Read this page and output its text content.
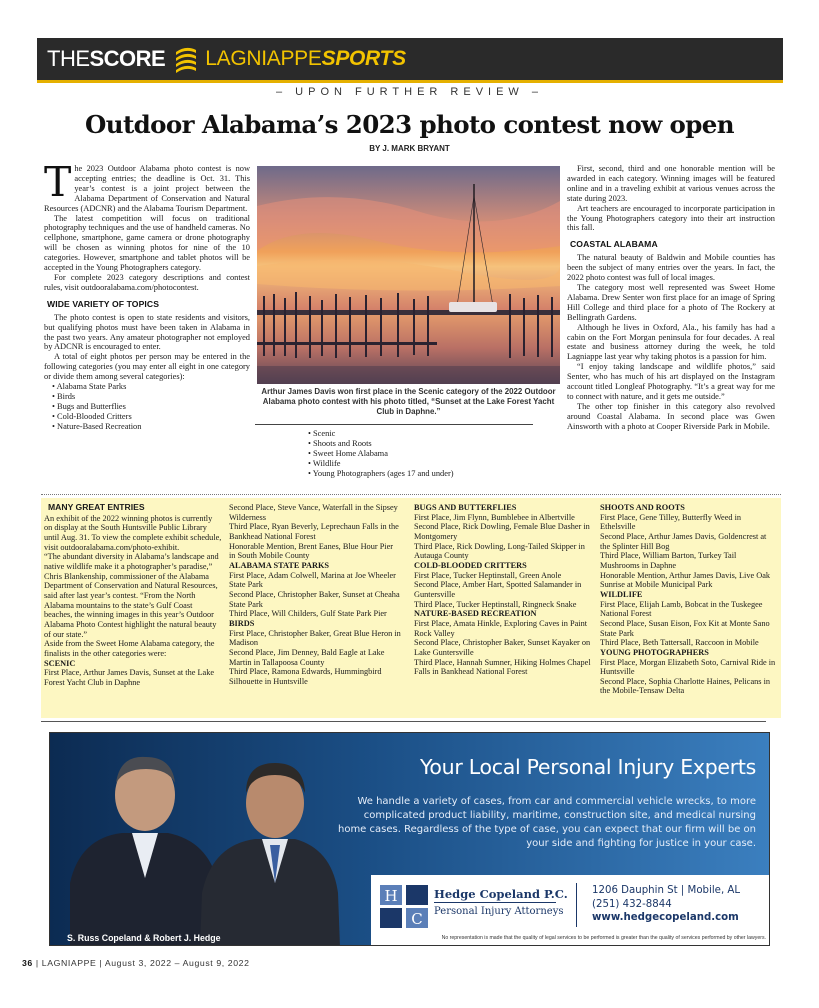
THE SCORE LAGNIAPPE SPORTS
– UPON FURTHER REVIEW –
Outdoor Alabama’s 2023 photo contest now open
BY J. MARK BRYANT

The 2023 Outdoor Alabama photo contest is now accepting entries; the deadline is Oct. 31. This year’s contest is a joint project between the Alabama Department of Conservation and Natural Resources (ADCNR) and the Alabama Tourism Department.

The latest competition will focus on traditional photography techniques and the use of handheld cameras. No cellphone, smartphone, game camera or drone photography will be chosen as winning photos for nine of the 10 categories. However, smartphone and tablet photos will be accepted in the Young Photographers category.

For complete 2023 category descriptions and contest rules, visit outdooralabama.com/photocontest.

WIDE VARIETY OF TOPICS

The photo contest is open to state residents and visitors, but qualifying photos must have been taken in Alabama in the past two years. Any amateur photographer not employed by ADCNR is encouraged to enter.

A total of eight photos per person may be entered in the following categories (you may enter all eight in one category or divide them among several categories):

• Alabama State Parks
• Birds
• Bugs and Butterflies
• Cold-Blooded Critters
• Nature-Based Recreation
Arthur James Davis won first place in the Scenic category of the 2022 Outdoor Alabama photo contest with his photo titled, “Sunset at the Lake Forest Yacht Club in Daphne.”
• Scenic
• Shoots and Roots
• Sweet Home Alabama
• Wildlife
• Young Photographers (ages 17 and under)

First, second, third and one honorable mention will be awarded in each category. Winning images will be featured online and in a traveling exhibit at various venues across the state during 2023.

Art teachers are encouraged to incorporate participation in the Young Photographers category into their art instruction this fall.

COASTAL ALABAMA

The natural beauty of Baldwin and Mobile counties has been the subject of many entries over the years. In fact, the 2022 photo contest was full of local images.

The category most well represented was Sweet Home Alabama. Drew Senter won first place for an image of Spring Hill College and third place for a photo of The Rockery at Bellingrath Gardens.

Although he lives in Oxford, Ala., his family has had a cabin on the Fort Morgan peninsula for four decades. A real estate and business attorney during the week, he told Lagniappe last year why taking photos is a passion for him.

“I enjoy taking landscape and wildlife photos,” said Senter, who has much of his art displayed on the Instagram account titled Longleaf Photography. “It’s a great way for me to connect with nature, and it gets me outside.”

The other top finisher in this category also revolved around Coastal Alabama. In second place was Gwen Ainsworth with a photo at Cooper Riverside Park in Mobile.

MANY GREAT ENTRIES
An exhibit of the 2022 winning photos is currently on display at the South Huntsville Public Library until Aug. 31. To view the complete exhibit schedule, visit outdooralabama.com/photo-exhibit.
“The abundant diversity in Alabama’s landscape and native wildlife make it a photographer’s paradise,” Chris Blankenship, commissioner of the Alabama Department of Conservation and Natural Resources, said after last year’s contest. “From the North Alabama mountains to the state’s Gulf Coast beaches, the winning images in this year’s Outdoor Alabama Photo Contest highlight the natural beauty of our state.”
Aside from the Sweet Home Alabama category, the finalists in the other categories were:
SCENIC
First Place, Arthur James Davis, Sunset at the Lake Forest Yacht Club in Daphne
Second Place, Steve Vance, Waterfall in the Sipsey Wilderness
Third Place, Ryan Beverly, Leprechaun Falls in the Bankhead National Forest
Honorable Mention, Brent Eanes, Blue Hour Pier in South Mobile County
ALABAMA STATE PARKS
First Place, Adam Colwell, Marina at Joe Wheeler State Park
Second Place, Christopher Baker, Sunset at Cheaha State Park
Third Place, Will Childers, Gulf State Park Pier
BIRDS
First Place, Christopher Baker, Great Blue Heron in Madison
Second Place, Jim Denney, Bald Eagle at Lake Martin in Tallapoosa County
Third Place, Ramona Edwards, Hummingbird Silhouette in Huntsville
BUGS AND BUTTERFLIES
First Place, Jim Flynn, Bumblebee in Albertville
Second Place, Rick Dowling, Female Blue Dasher in Montgomery
Third Place, Rick Dowling, Long-Tailed Skipper in Autauga County
COLD-BLOODED CRITTERS
First Place, Tucker Heptinstall, Green Anole
Second Place, Amber Hart, Spotted Salamander in Guntersville
Third Place, Tucker Heptinstall, Ringneck Snake
NATURE-BASED RECREATION
First Place, Amata Hinkle, Exploring Caves in Paint Rock Valley
Second Place, Christopher Baker, Sunset Kayaker on Lake Guntersville
Third Place, Hannah Sumner, Hiking Holmes Chapel Falls in Bankhead National Forest
SHOOTS AND ROOTS
First Place, Gene Tilley, Butterfly Weed in Ethelsville
Second Place, Arthur James Davis, Goldencrest at the Splinter Hill Bog
Third Place, William Barton, Turkey Tail Mushrooms in Daphne
Honorable Mention, Arthur James Davis, Live Oak Sunrise at Mobile Municipal Park
WILDLIFE
First Place, Elijah Lamb, Bobcat in the Tuskegee National Forest
Second Place, Susan Eison, Fox Kit at Monte Sano State Park
Third Place, Beth Tattersall, Raccoon in Mobile
YOUNG PHOTOGRAPHERS
First Place, Morgan Elizabeth Soto, Carnival Ride in Huntsville
Second Place, Sophia Charlotte Haines, Pelicans in the Mobile-Tensaw Delta
Your Local Personal Injury Experts
We handle a variety of cases, from car and commercial vehicle wrecks, to more complicated product liability, maritime, construction site, and medical nursing home cases. Regardless of the type of case, you can expect that our firm will be on your side and fighting for justice in your case.
S. Russ Copeland & Robert J. Hedge
H
C
Hedge Copeland P.C.
Personal Injury Attorneys
1206 Dauphin St | Mobile, AL
(251) 432-8844
www.hedgecopeland.com
No representation is made that the quality of legal services to be performed is greater than the quality of services performed by other lawyers.
36 | LAGNIAPPE | August 3, 2022 – August 9, 2022
